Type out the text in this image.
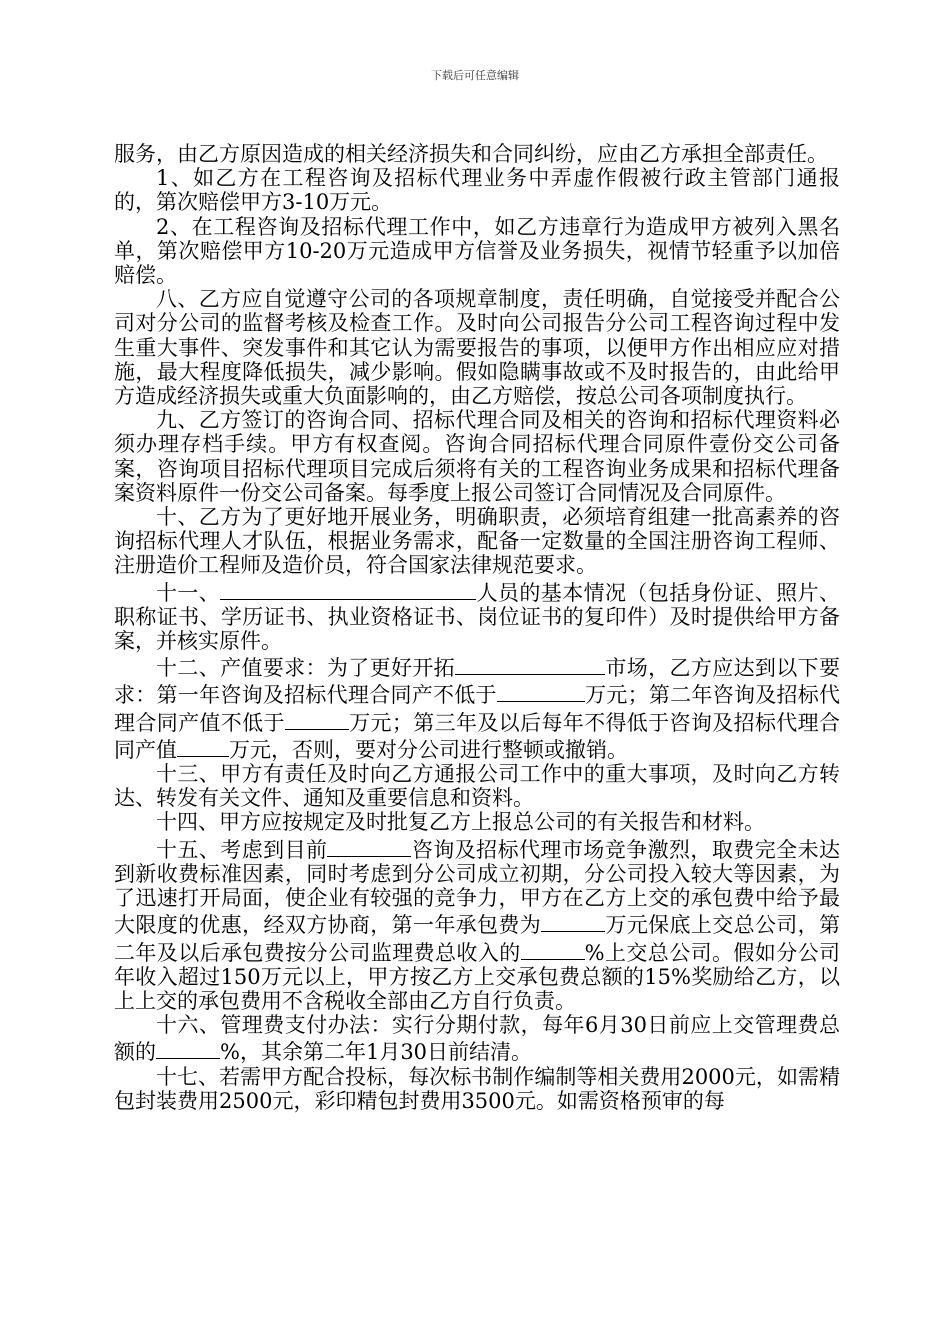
下载后可任意编辑

服务，由乙方原因造成的相关经济损失和合同纠纷，应由乙方承担全部责任。

1、如乙方在工程咨询及招标代理业务中弄虚作假被行政主管部门通报的，第次赔偿甲方3-10万元。

2、在工程咨询及招标代理工作中，如乙方违章行为造成甲方被列入黑名单，第次赔偿甲方10-20万元造成甲方信誉及业务损失，视情节轻重予以加倍赔偿。

八、乙方应自觉遵守公司的各项规章制度，责任明确，自觉接受并配合公司对分公司的监督考核及检查工作。及时向公司报告分公司工程咨询过程中发生重大事件、突发事件和其它认为需要报告的事项，以便甲方作出相应应对措施，最大程度降低损失，减少影响。假如隐瞒事故或不及时报告的，由此给甲方造成经济损失或重大负面影响的，由乙方赔偿，按总公司各项制度执行。

九、乙方签订的咨询合同、招标代理合同及相关的咨询和招标代理资料必须办理存档手续。甲方有权查阅。咨询合同招标代理合同原件壹份交公司备案，咨询项目招标代理项目完成后须将有关的工程咨询业务成果和招标代理备案资料原件一份交公司备案。每季度上报公司签订合同情况及合同原件。

十、乙方为了更好地开展业务，明确职责，必须培育组建一批高素养的咨询招标代理人才队伍，根据业务需求，配备一定数量的全国注册咨询工程师、注册造价工程师及造价员，符合国家法律规范要求。

十一、	人员的基本情况（包括身份证、照片、职称证书、学历证书、执业资格证书、岗位证书的复印件）及时提供给甲方备案，并核实原件。

十二、产值要求：为了更好开拓	市场，乙方应达到以下要求：第一年咨询及招标代理合同产不低于	万元；第二年咨询及招标代理合同产值不低于	万元；第三年及以后每年不得低于咨询及招标代理合同产值 万元，否则，要对分公司进行整顿或撤销。

十三、甲方有责任及时向乙方通报公司工作中的重大事项，及时向乙方转达、转发有关文件、通知及重要信息和资料。

十四、甲方应按规定及时批复乙方上报总公司的有关报告和材料。

十五、考虑到目前	咨询及招标代理市场竞争激烈，取费完全未达到新收费标准因素，同时考虑到分公司成立初期，分公司投入较大等因素，为了迅速打开局面，使企业有较强的竞争力，甲方在乙方上交的承包费中给予最大限度的优惠，经双方协商，第一年承包费为	万元保底上交总公司，第二年及以后承包费按分公司监理费总收入的	%上交总公司。假如分公司年收入超过150万元以上，甲方按乙方上交承包费总额的15%奖励给乙方，以上上交的承包费用不含税收全部由乙方自行负责。

十六、管理费支付办法：实行分期付款，每年6月30日前应上交管理费总额的	%，其余第二年1月30日前结清。

十七、若需甲方配合投标，每次标书制作编制等相关费用2000元，如需精包封装费用2500元，彩印精包封费用3500元。如需资格预审的每
